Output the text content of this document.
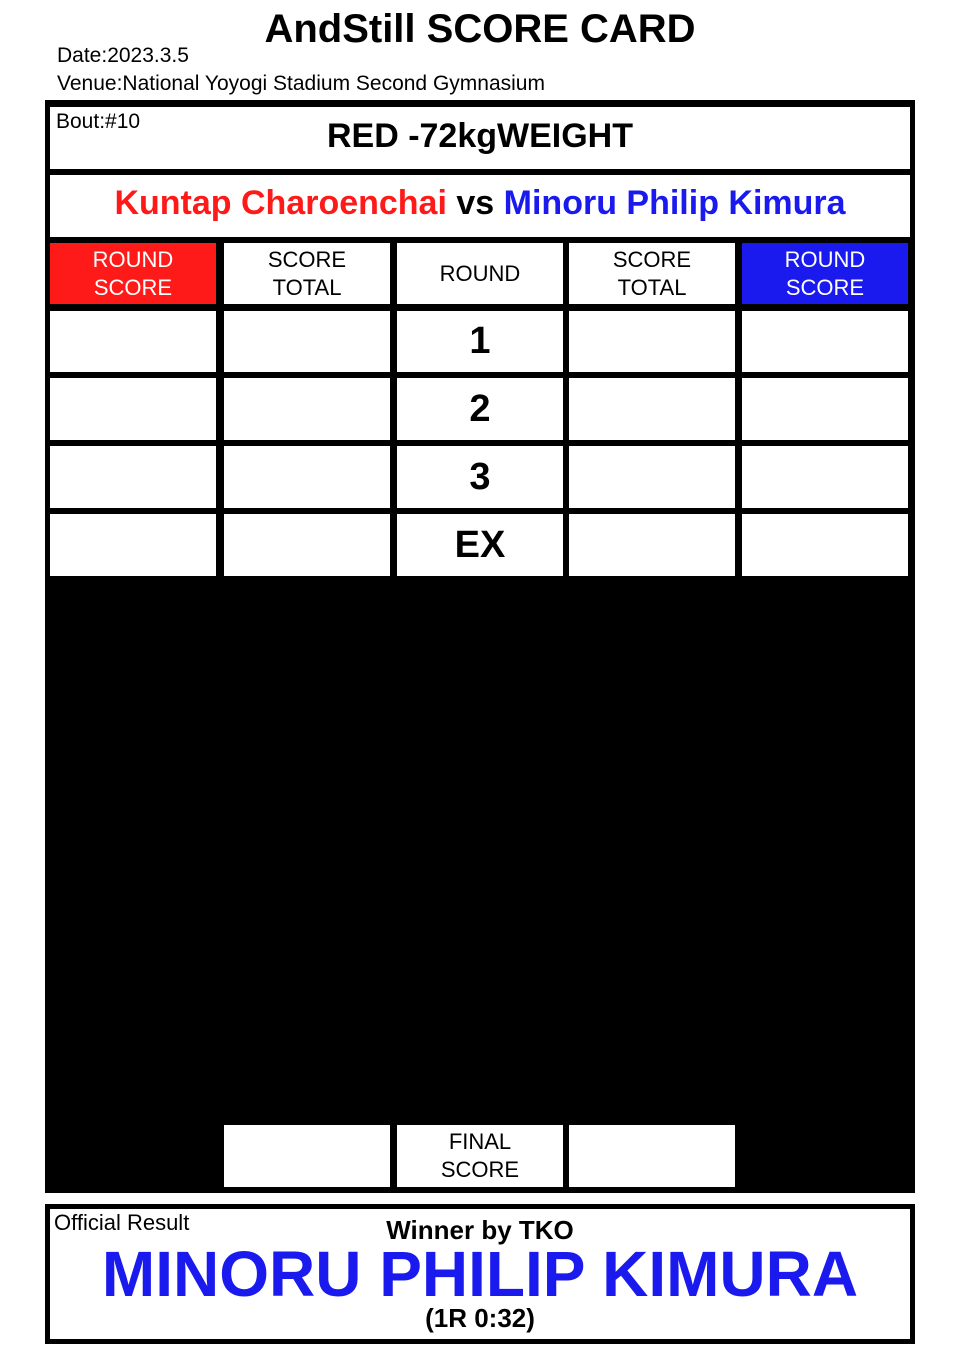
AndStill SCORE CARD
Date:2023.3.5
Venue:National Yoyogi Stadium Second Gymnasium
Bout:#10	RED -72kgWEIGHT
Kuntap Charoenchai vs Minoru Philip Kimura
ROUND
SCORE
SCORE
TOTAL
ROUND
SCORE
TOTAL
ROUND
SCORE
1
2
3
EX
FINAL
SCORE
Official Result	Winner by TKO
MINORU PHILIP KIMURA
(1R 0:32)
